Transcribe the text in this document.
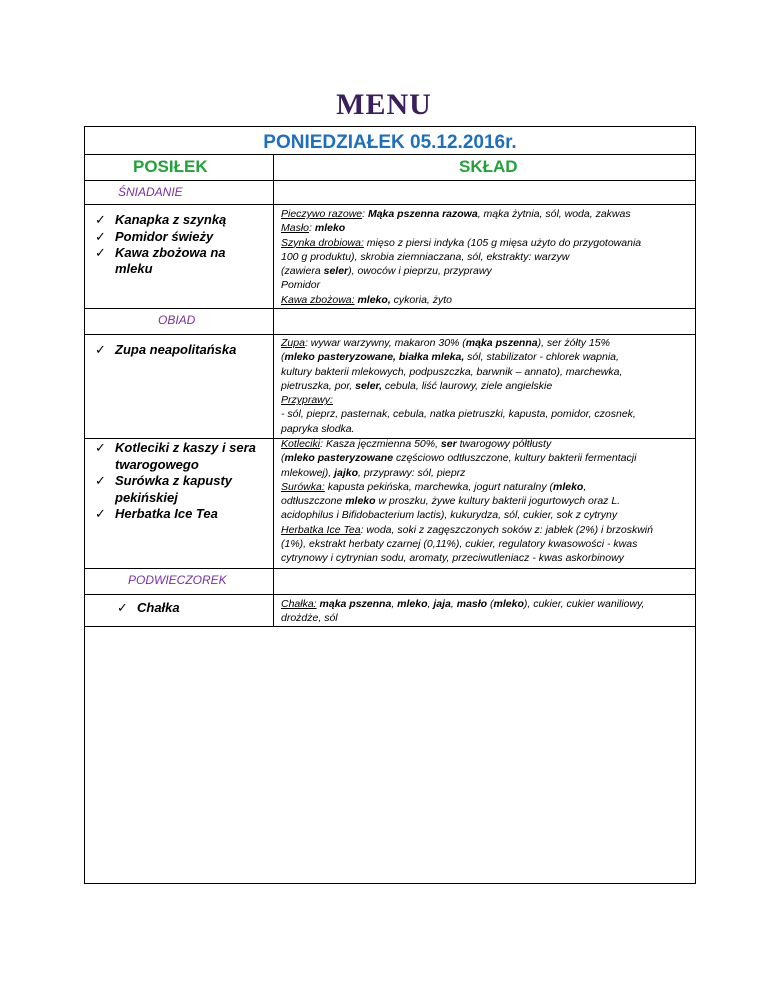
MENU
PONIEDZIAŁEK 05.12.2016r.
POSIŁEK	SKŁAD
ŚNIADANIE
OBIAD
PODWIECZOREK
✓ Kanapka z szynką
✓ Pomidor świeży
✓ Kawa zbożowa na
mleku
✓ Zupa neapolitańska
✓ Kotleciki z kaszy i sera
twarogowego
✓ Surówka z kapusty
pekińskiej
✓ Herbatka Ice Tea
✓ Chałka
Pieczywo razowe: Mąka pszenna razowa, mąka żytnia, sól, woda, zakwas
Masło: mleko
Szynka drobiowa: mięso z piersi indyka (105 g mięsa użyto do przygotowania
100 g produktu), skrobia ziemniaczana, sól, ekstrakty: warzyw
(zawiera seler), owoców i pieprzu, przyprawy
Pomidor
Kawa zbożowa: mleko, cykoria, żyto
Zupa: wywar warzywny, makaron 30% (mąka pszenna), ser żółty 15%
(mleko pasteryzowane, białka mleka, sól, stabilizator - chlorek wapnia,
kultury bakterii mlekowych, podpuszczka, barwnik – annato), marchewka,
pietruszka, por, seler, cebula, liść laurowy, ziele angielskie
Przyprawy:
- sól, pieprz, pasternak, cebula, natka pietruszki, kapusta, pomidor, czosnek,
papryka słodka.
Kotleciki: Kasza jęczmienna 50%, ser twarogowy półtłusty
(mleko pasteryzowane częściowo odtłuszczone, kultury bakterii fermentacji
mlekowej), jajko, przyprawy: sól, pieprz
Surówka: kapusta pekińska, marchewka, jogurt naturalny (mleko,
odtłuszczone mleko w proszku, żywe kultury bakterii jogurtowych oraz L.
acidophilus i Bifidobacterium lactis), kukurydza, sól, cukier, sok z cytryny
Herbatka Ice Tea: woda, soki z zagęszczonych soków z: jabłek (2%) i brzoskwiń
(1%), ekstrakt herbaty czarnej (0,11%), cukier, regulatory kwasowości - kwas
cytrynowy i cytrynian sodu, aromaty, przeciwutleniacz - kwas askorbinowy
Chałka: mąka pszenna, mleko, jaja, masło (mleko), cukier, cukier waniliowy,
drożdże, sól
